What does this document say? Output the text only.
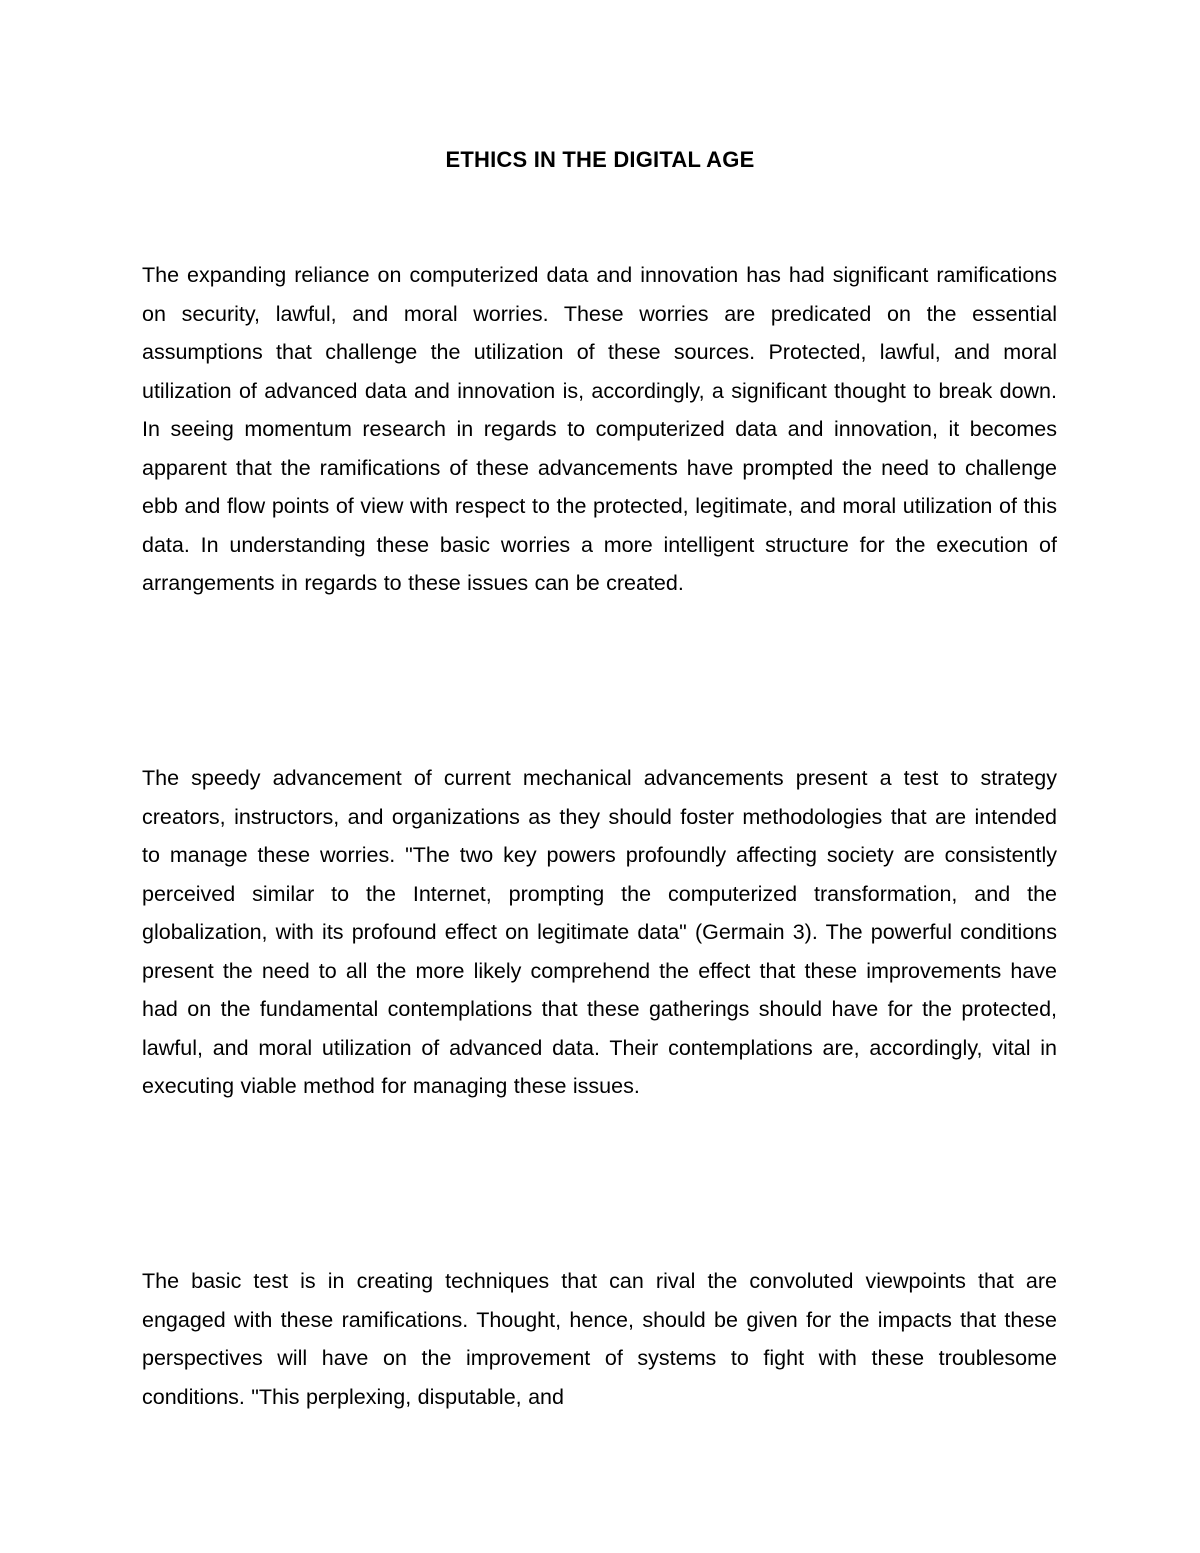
ETHICS IN THE DIGITAL AGE

The expanding reliance on computerized data and innovation has had significant ramifications on security, lawful, and moral worries. These worries are predicated on the essential assumptions that challenge the utilization of these sources. Protected, lawful, and moral utilization of advanced data and innovation is, accordingly, a significant thought to break down. In seeing momentum research in regards to computerized data and innovation, it becomes apparent that the ramifications of these advancements have prompted the need to challenge ebb and flow points of view with respect to the protected, legitimate, and moral utilization of this data. In understanding these basic worries a more intelligent structure for the execution of arrangements in regards to these issues can be created.

The speedy advancement of current mechanical advancements present a test to strategy creators, instructors, and organizations as they should foster methodologies that are intended to manage these worries. "The two key powers profoundly affecting society are consistently perceived similar to the Internet, prompting the computerized transformation, and the globalization, with its profound effect on legitimate data" (Germain 3). The powerful conditions present the need to all the more likely comprehend the effect that these improvements have had on the fundamental contemplations that these gatherings should have for the protected, lawful, and moral utilization of advanced data. Their contemplations are, accordingly, vital in executing viable method for managing these issues.

The basic test is in creating techniques that can rival the convoluted viewpoints that are engaged with these ramifications. Thought, hence, should be given for the impacts that these perspectives will have on the improvement of systems to fight with these troublesome conditions. "This perplexing, disputable, and
